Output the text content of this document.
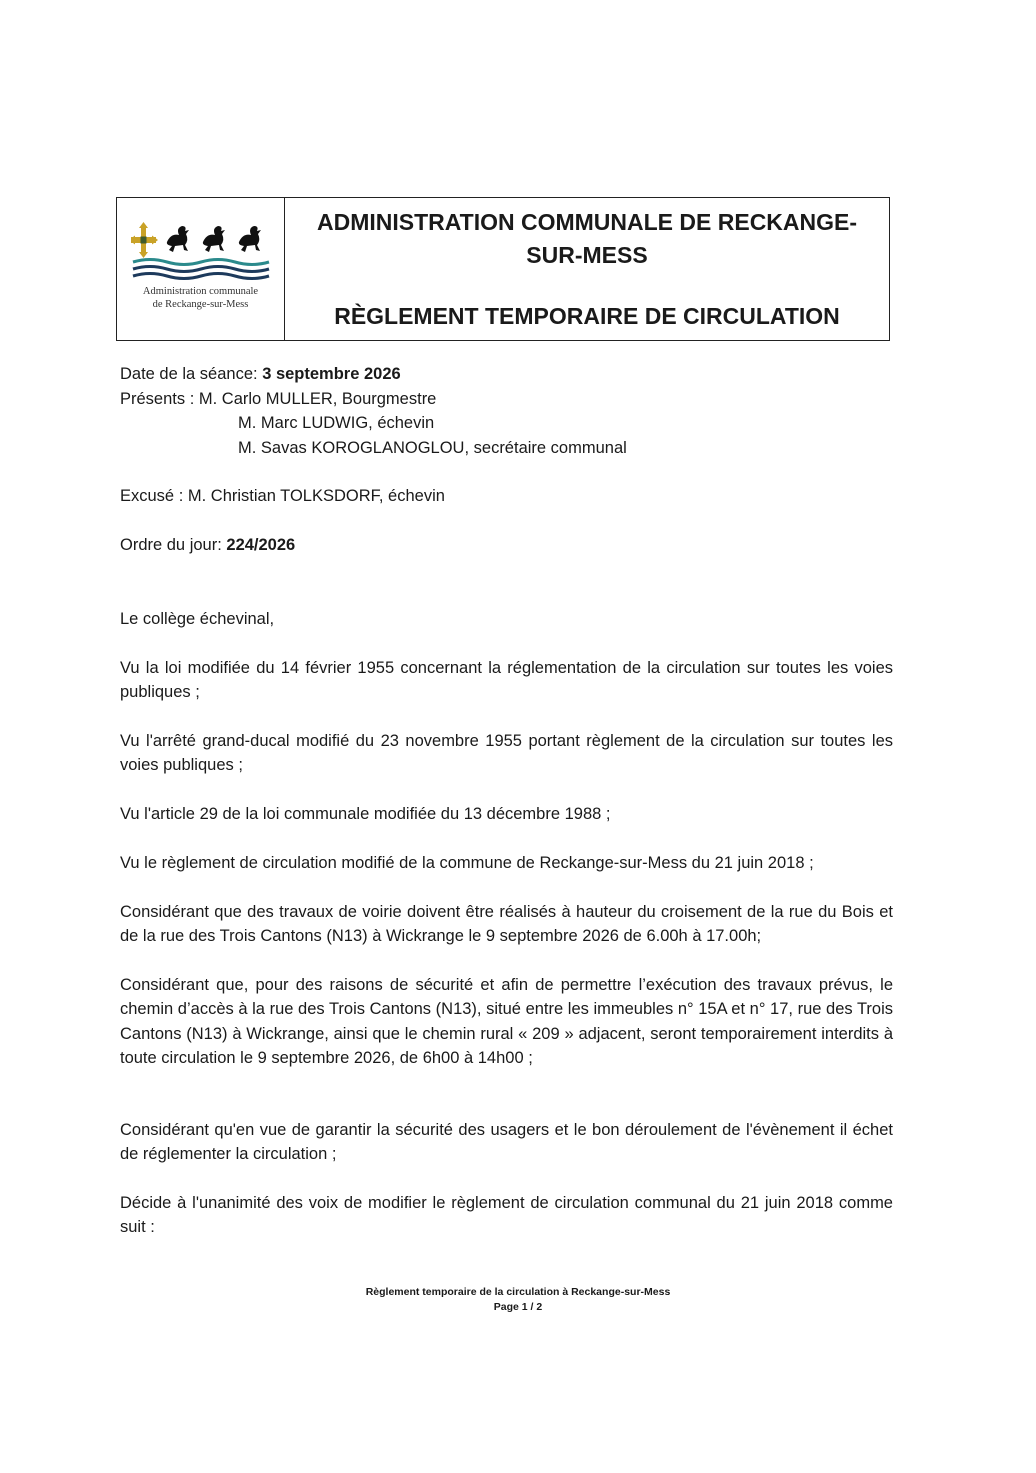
Administration communale
de Reckange-sur-Mess
ADMINISTRATION COMMUNALE DE RECKANGE-SUR-MESS
RÈGLEMENT TEMPORAIRE DE CIRCULATION

Date de la séance: 3 septembre 2026

Présents : M. Carlo MULLER, Bourgmestre

M. Marc LUDWIG, échevin

M. Savas KOROGLANOGLOU, secrétaire communal

Excusé : M. Christian TOLKSDORF, échevin

Ordre du jour: 224/2026

Le collège échevinal,

Vu la loi modifiée du 14 février 1955 concernant la réglementation de la circulation sur toutes les voies publiques ;

Vu l'arrêté grand-ducal modifié du 23 novembre 1955 portant règlement de la circulation sur toutes les voies publiques ;

Vu l'article 29 de la loi communale modifiée du 13 décembre 1988 ;

Vu le règlement de circulation modifié de la commune de Reckange-sur-Mess du 21 juin 2018 ;

Considérant que des travaux de voirie doivent être réalisés à hauteur du croisement de la rue du Bois et de la rue des Trois Cantons (N13) à Wickrange le 9 septembre 2026 de 6.00h à 17.00h;

Considérant que, pour des raisons de sécurité et afin de permettre l’exécution des travaux prévus, le chemin d’accès à la rue des Trois Cantons (N13), situé entre les immeubles n° 15A et n° 17, rue des Trois Cantons (N13) à Wickrange, ainsi que le chemin rural « 209 » adjacent, seront temporairement interdits à toute circulation le 9 septembre 2026, de 6h00 à 14h00 ;

Considérant qu'en vue de garantir la sécurité des usagers et le bon déroulement de l'évènement il échet de réglementer la circulation ;

Décide à l'unanimité des voix de modifier le règlement de circulation communal du 21 juin 2018 comme suit :

Règlement temporaire de la circulation à Reckange-sur-Mess
Page 1 / 2
